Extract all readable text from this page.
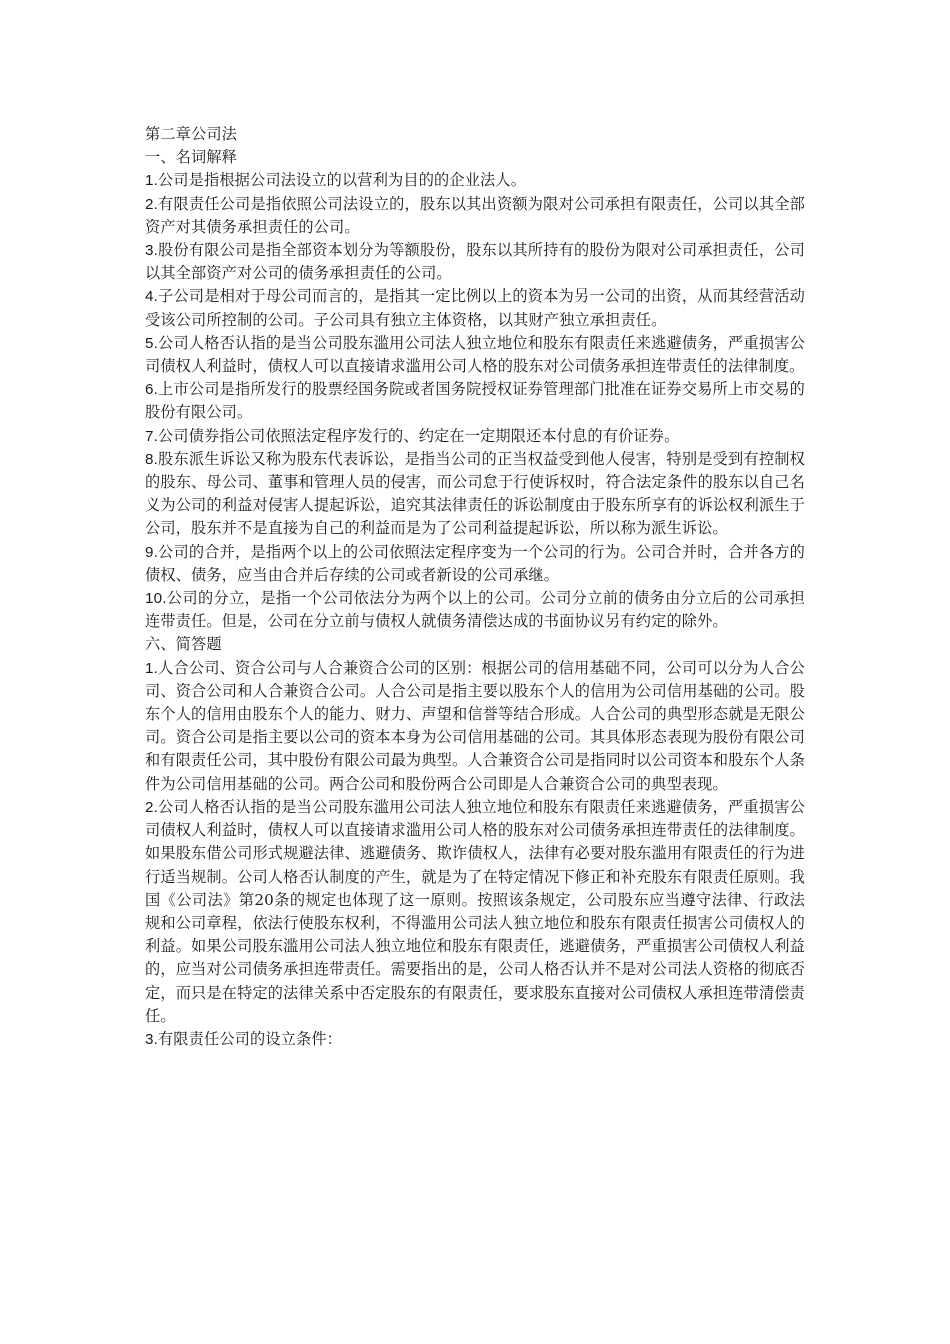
第二章公司法

一、名词解释

1.公司是指根据公司法设立的以营利为目的的企业法人。

2.有限责任公司是指依照公司法设立的，股东以其出资额为限对公司承担有限责任，公司以其全部资产对其债务承担责任的公司。

3.股份有限公司是指全部资本划分为等额股份，股东以其所持有的股份为限对公司承担责任，公司以其全部资产对公司的债务承担责任的公司。

4.子公司是相对于母公司而言的，是指其一定比例以上的资本为另一公司的出资，从而其经营活动受该公司所控制的公司。子公司具有独立主体资格，以其财产独立承担责任。

5.公司人格否认指的是当公司股东滥用公司法人独立地位和股东有限责任来逃避债务，严重损害公司债权人利益时，债权人可以直接请求滥用公司人格的股东对公司债务承担连带责任的法律制度。

6.上市公司是指所发行的股票经国务院或者国务院授权证券管理部门批准在证券交易所上市交易的股份有限公司。

7.公司债券指公司依照法定程序发行的、约定在一定期限还本付息的有价证券。

8.股东派生诉讼又称为股东代表诉讼，是指当公司的正当权益受到他人侵害，特别是受到有控制权的股东、母公司、董事和管理人员的侵害，而公司怠于行使诉权时，符合法定条件的股东以自己名义为公司的利益对侵害人提起诉讼，追究其法律责任的诉讼制度由于股东所享有的诉讼权利派生于公司，股东并不是直接为自己的利益而是为了公司利益提起诉讼，所以称为派生诉讼。

9.公司的合并，是指两个以上的公司依照法定程序变为一个公司的行为。公司合并时，合并各方的债权、债务，应当由合并后存续的公司或者新设的公司承继。

10.公司的分立，是指一个公司依法分为两个以上的公司。公司分立前的债务由分立后的公司承担连带责任。但是，公司在分立前与债权人就债务清偿达成的书面协议另有约定的除外。

六、简答题

1.人合公司、资合公司与人合兼资合公司的区别：根据公司的信用基础不同，公司可以分为人合公司、资合公司和人合兼资合公司。人合公司是指主要以股东个人的信用为公司信用基础的公司。股东个人的信用由股东个人的能力、财力、声望和信誉等结合形成。人合公司的典型形态就是无限公司。资合公司是指主要以公司的资本本身为公司信用基础的公司。其具体形态表现为股份有限公司和有限责任公司，其中股份有限公司最为典型。人合兼资合公司是指同时以公司资本和股东个人条件为公司信用基础的公司。两合公司和股份两合公司即是人合兼资合公司的典型表现。

2.公司人格否认指的是当公司股东滥用公司法人独立地位和股东有限责任来逃避债务，严重损害公司债权人利益时，债权人可以直接请求滥用公司人格的股东对公司债务承担连带责任的法律制度。如果股东借公司形式规避法律、逃避债务、欺诈债权人，法律有必要对股东滥用有限责任的行为进行适当规制。公司人格否认制度的产生，就是为了在特定情况下修正和补充股东有限责任原则。我国《公司法》第20条的规定也体现了这一原则。按照该条规定，公司股东应当遵守法律、行政法规和公司章程，依法行使股东权利，不得滥用公司法人独立地位和股东有限责任损害公司债权人的利益。如果公司股东滥用公司法人独立地位和股东有限责任，逃避债务，严重损害公司债权人利益的，应当对公司债务承担连带责任。需要指出的是，公司人格否认并不是对公司法人资格的彻底否定，而只是在特定的法律关系中否定股东的有限责任，要求股东直接对公司债权人承担连带清偿责任。

3.有限责任公司的设立条件：
